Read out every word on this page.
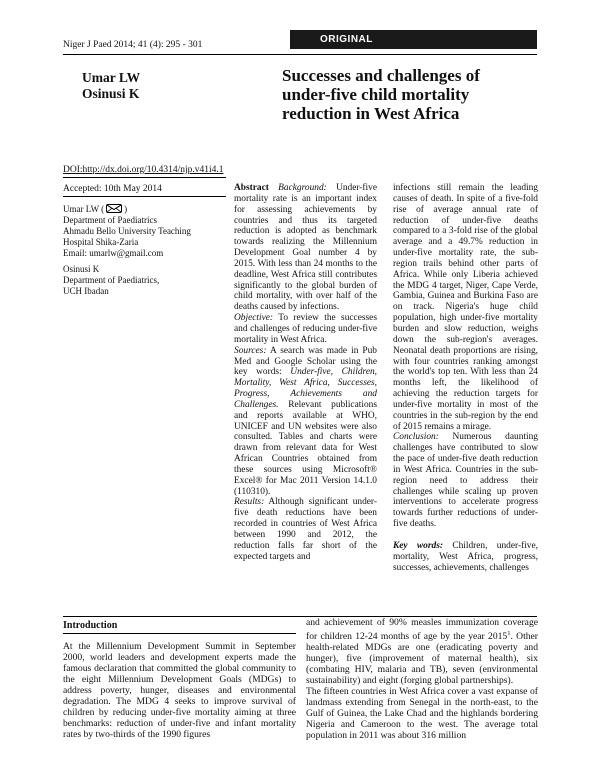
Niger J Paed 2014; 41 (4): 295 - 301	ORIGINAL
Umar LW
Osinusi K
Successes and challenges of under-five child mortality reduction in West Africa
DOI:http://dx.doi.org/10.4314/njp.v41i4.1
Accepted: 10th May 2014
Umar LW ( )
Department of Paediatrics
Ahmadu Bello University Teaching
Hospital Shika-Zaria
Email: umarlw@gmail.com
Osinusi K
Department of Paediatrics,
UCH Ibadan

Abstract Background: Under-five mortality rate is an important index for assessing achievements by countries and thus its targeted reduction is adopted as benchmark towards realizing the Millennium Development Goal number 4 by 2015. With less than 24 months to the deadline, West Africa still contributes significantly to the global burden of child mortality, with over half of the deaths caused by infections.

Objective: To review the successes and challenges of reducing under-five mortality in West Africa.

Sources: A search was made in Pub Med and Google Scholar using the key words: Under-five, Children, Mortality, West Africa, Successes, Progress, Achievements and Challenges. Relevant publications and reports available at WHO, UNICEF and UN websites were also consulted. Tables and charts were drawn from relevant data for West African Countries obtained from these sources using Microsoft® Excel® for Mac 2011 Version 14.1.0 (110310).

Results: Although significant under-five death reductions have been recorded in countries of West Africa between 1990 and 2012, the reduction falls far short of the expected targets and

infections still remain the leading causes of death. In spite of a five-fold rise of average annual rate of reduction of under-five deaths compared to a 3-fold rise of the global average and a 49.7% reduction in under-five mortality rate, the sub-region trails behind other parts of Africa. While only Liberia achieved the MDG 4 target, Niger, Cape Verde, Gambia, Guinea and Burkina Faso are on track. Nigeria's huge child population, high under-five mortality burden and slow reduction, weighs down the sub-region's averages. Neonatal death proportions are rising, with four countries ranking amongst the world's top ten. With less than 24 months left, the likelihood of achieving the reduction targets for under-five mortality in most of the countries in the sub-region by the end of 2015 remains a mirage.

Conclusion: Numerous daunting challenges have contributed to slow the pace of under-five death reduction in West Africa. Countries in the sub-region need to address their challenges while scaling up proven interventions to accelerate progress towards further reductions of under-five deaths.

Key words: Children, under-five, mortality, West Africa, progress, successes, achievements, challenges

Introduction

At the Millennium Development Summit in September 2000, world leaders and development experts made the famous declaration that committed the global community to the eight Millennium Development Goals (MDGs) to address poverty, hunger, diseases and environmental degradation. The MDG 4 seeks to improve survival of children by reducing under-five mortality aiming at three benchmarks: reduction of under-five and infant mortality rates by two-thirds of the 1990 figures

and achievement of 90% measles immunization coverage for children 12-24 months of age by the year 2015$^1$. Other health-related MDGs are one (eradicating poverty and hunger), five (improvement of maternal health), six (combating HIV, malaria and TB), seven (environmental sustainability) and eight (forging global partnerships).

The fifteen countries in West Africa cover a vast expanse of landmass extending from Senegal in the north-east, to the Gulf of Guinea, the Lake Chad and the highlands bordering Nigeria and Cameroon to the west. The average total population in 2011 was about 316 million
